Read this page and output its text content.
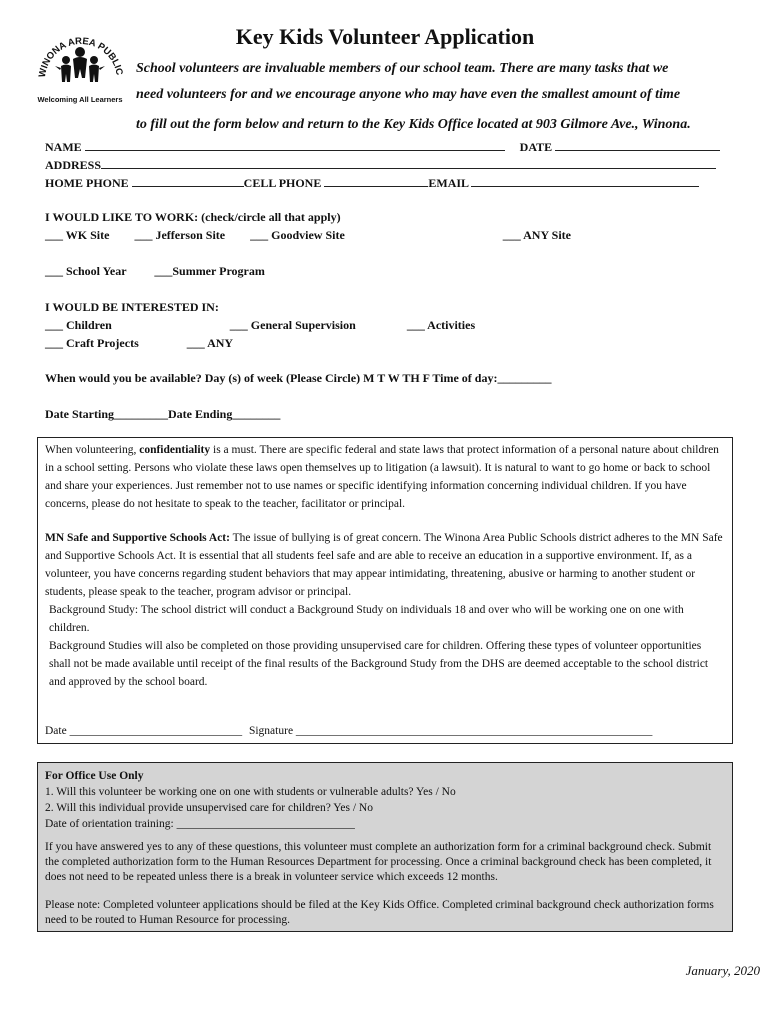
WINONA AREA PUBLIC
Welcoming All Learners
Key Kids Volunteer Application
School volunteers are invaluable members of our school team. There are many tasks that we
need volunteers for and we encourage anyone who may have even the smallest amount of time
to fill out the form below and return to the Key Kids Office located at 903 Gilmore Ave., Winona.
NAME	DATE
ADDRESS
HOME PHONE	CELL PHONE	EMAIL
I WOULD LIKE TO WORK: (check/circle all that apply)
___ WK Site ___ Jefferson Site ___ Goodview Site	___ ANY Site
___ School Year ___Summer Program
I WOULD BE INTERESTED IN:
___ Children	___ General Supervision	___ Activities
___ Craft Projects	___ ANY
When would you be available? Day (s) of week (Please Circle) M T W TH F Time of day:_________
Date Starting_________Date Ending________

When volunteering, confidentiality is a must. There are specific federal and state laws that protect information of a personal nature about children in a school setting. Persons who violate these laws open themselves up to litigation (a lawsuit). It is natural to want to go home or back to school and share your experiences. Just remember not to use names or specific identifying information concerning individual children. If you have concerns, please do not hesitate to speak to the teacher, facilitator or principal.

MN Safe and Supportive Schools Act: The issue of bullying is of great concern. The Winona Area Public Schools district adheres to the MN Safe and Supportive Schools Act. It is essential that all students feel safe and are able to receive an education in a supportive environment. If, as a volunteer, you have concerns regarding student behaviors that may appear intimidating, threatening, abusive or harming to another student or students, please speak to the teacher, program advisor or principal.

Background Study: The school district will conduct a Background Study on individuals 18 and over who will be working one on one with children.

Background Studies will also be completed on those providing unsupervised care for children. Offering these types of volunteer opportunities shall not be made available until receipt of the final results of the Background Study from the DHS are deemed acceptable to the school district and approved by the school board.

Date ______________________________ Signature ______________________________________________________________
For Office Use Only
1. Will this volunteer be working one on one with students or vulnerable adults? Yes / No
2. Will this individual provide unsupervised care for children? Yes / No
Date of orientation training: _______________________________
If you have answered yes to any of these questions, this volunteer must complete an authorization form for a criminal background check. Submit the completed authorization form to the Human Resources Department for processing. Once a criminal background check has been completed, it does not need to be repeated unless there is a break in volunteer service which exceeds 12 months.
Please note: Completed volunteer applications should be filed at the Key Kids Office. Completed criminal background check authorization forms need to be routed to Human Resource for processing.
January, 2020
